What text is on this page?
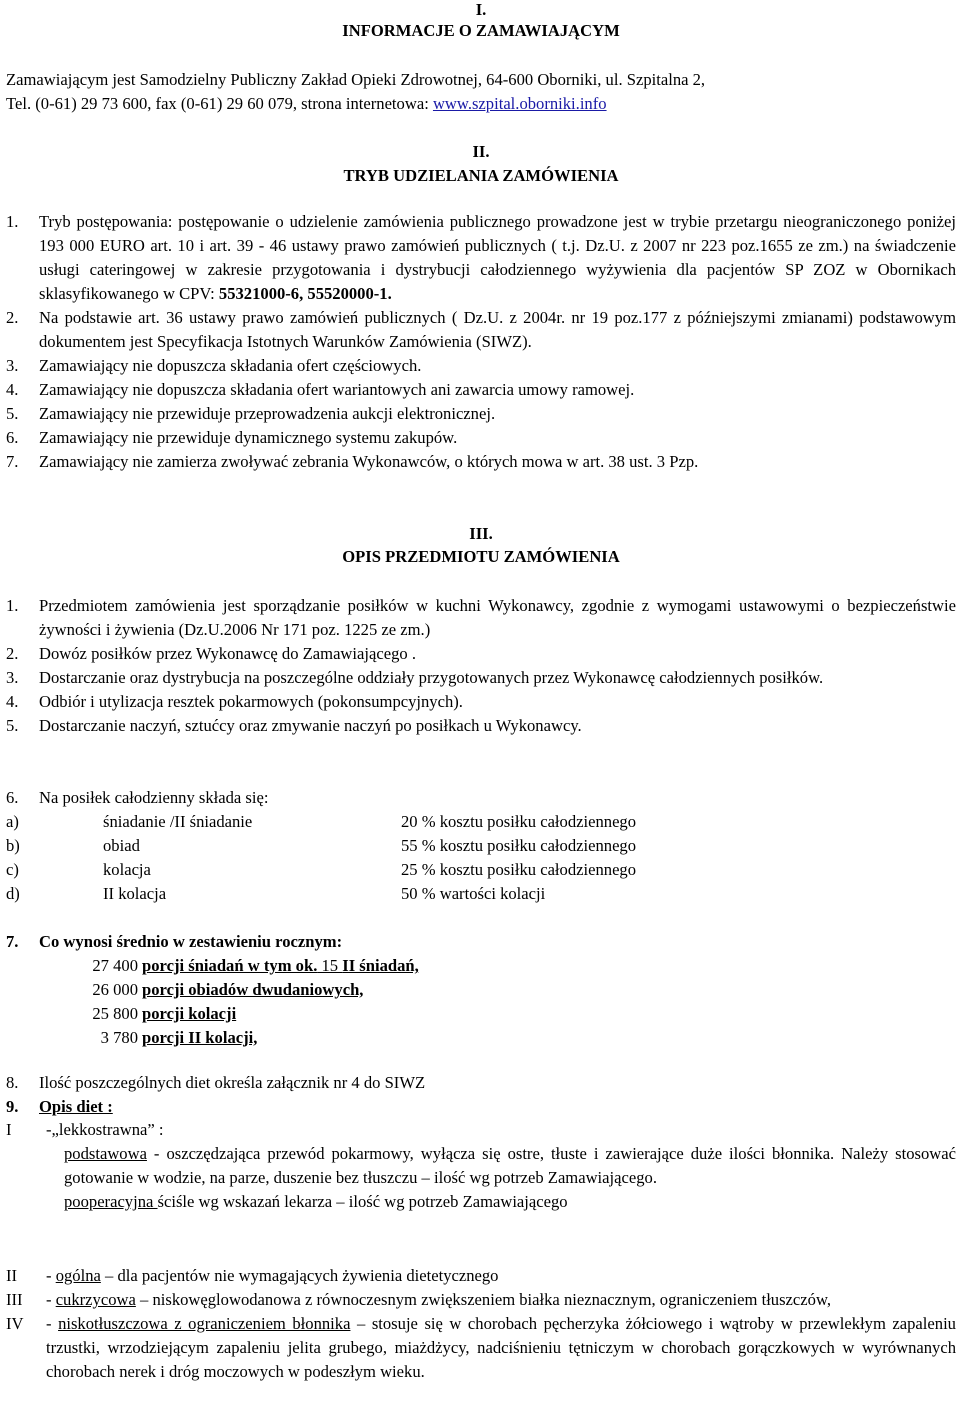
I.
INFORMACJE O ZAMAWIAJĄCYM

Zamawiającym jest Samodzielny Publiczny Zakład Opieki Zdrowotnej, 64-600 Oborniki, ul. Szpitalna 2,

Tel. (0-61) 29 73 600, fax (0-61) 29 60 079, strona internetowa: www.szpital.oborniki.info

II.
TRYB UDZIELANIA ZAMÓWIENIA
1.	Tryb postępowania: postępowanie o udzielenie zamówienia publicznego prowadzone jest w trybie przetargu nieograniczonego poniżej 193 000 EURO art. 10 i art. 39 - 46 ustawy prawo zamówień publicznych ( t.j. Dz.U. z 2007 nr 223 poz.1655 ze zm.) na świadczenie usługi cateringowej w zakresie przygotowania i dystrybucji całodziennego wyżywienia dla pacjentów SP ZOZ w Obornikach sklasyfikowanego w CPV: 55321000-6, 55520000-1.
2.	Na podstawie art. 36 ustawy prawo zamówień publicznych ( Dz.U. z 2004r. nr 19 poz.177 z późniejszymi zmianami) podstawowym dokumentem jest Specyfikacja Istotnych Warunków Zamówienia (SIWZ).
3.	Zamawiający nie dopuszcza składania ofert częściowych.
4.	Zamawiający nie dopuszcza składania ofert wariantowych ani zawarcia umowy ramowej.
5.	Zamawiający nie przewiduje przeprowadzenia aukcji elektronicznej.
6.	Zamawiający nie przewiduje dynamicznego systemu zakupów.
7.	Zamawiający nie zamierza zwoływać zebrania Wykonawców, o których mowa w art. 38 ust. 3 Pzp.
III.
OPIS PRZEDMIOTU ZAMÓWIENIA
1.	Przedmiotem zamówienia jest sporządzanie posiłków w kuchni Wykonawcy, zgodnie z wymogami ustawowymi o bezpieczeństwie żywności i żywienia (Dz.U.2006 Nr 171 poz. 1225 ze zm.)
2.	Dowóz posiłków przez Wykonawcę do Zamawiającego .
3.	Dostarczanie oraz dystrybucja na poszczególne oddziały przygotowanych przez Wykonawcę całodziennych posiłków.
4.	Odbiór i utylizacja resztek pokarmowych (pokonsumpcyjnych).
5.	Dostarczanie naczyń, sztućcy oraz zmywanie naczyń po posiłkach u Wykonawcy.
6.	Na posiłek całodzienny składa się:
a)	śniadanie /II śniadanie	20 % kosztu posiłku całodziennego
b)	obiad	55 % kosztu posiłku całodziennego
c)	kolacja	25 % kosztu posiłku całodziennego
d)	II kolacja	50 % wartości kolacji
7.	Co wynosi średnio w zestawieniu rocznym:
27 400 porcji śniadań w tym ok. 15 II śniadań,
26 000 porcji obiadów dwudaniowych,
25 800 porcji kolacji
3 780 porcji II kolacji,
8.	Ilość poszczególnych diet określa załącznik nr 4 do SIWZ
9.	Opis diet :
I	-„lekkostrawna” :

podstawowa - oszczędzająca przewód pokarmowy, wyłącza się ostre, tłuste i zawierające duże ilości błonnika. Należy stosować gotowanie w wodzie, na parze, duszenie bez tłuszczu – ilość wg potrzeb Zamawiającego.

pooperacyjna ściśle wg wskazań lekarza – ilość wg potrzeb Zamawiającego

II	- ogólna – dla pacjentów nie wymagających żywienia dietetycznego
III	- cukrzycowa – niskowęglowodanowa z równoczesnym zwiększeniem białka nieznacznym, ograniczeniem tłuszczów,
IV	- niskotłuszczowa z ograniczeniem błonnika – stosuje się w chorobach pęcherzyka żółciowego i wątroby w przewlekłym zapaleniu trzustki, wrzodziejącym zapaleniu jelita grubego, miażdżycy, nadciśnieniu tętniczym w chorobach gorączkowych w wyrównanych chorobach nerek i dróg moczowych w podeszłym wieku.
